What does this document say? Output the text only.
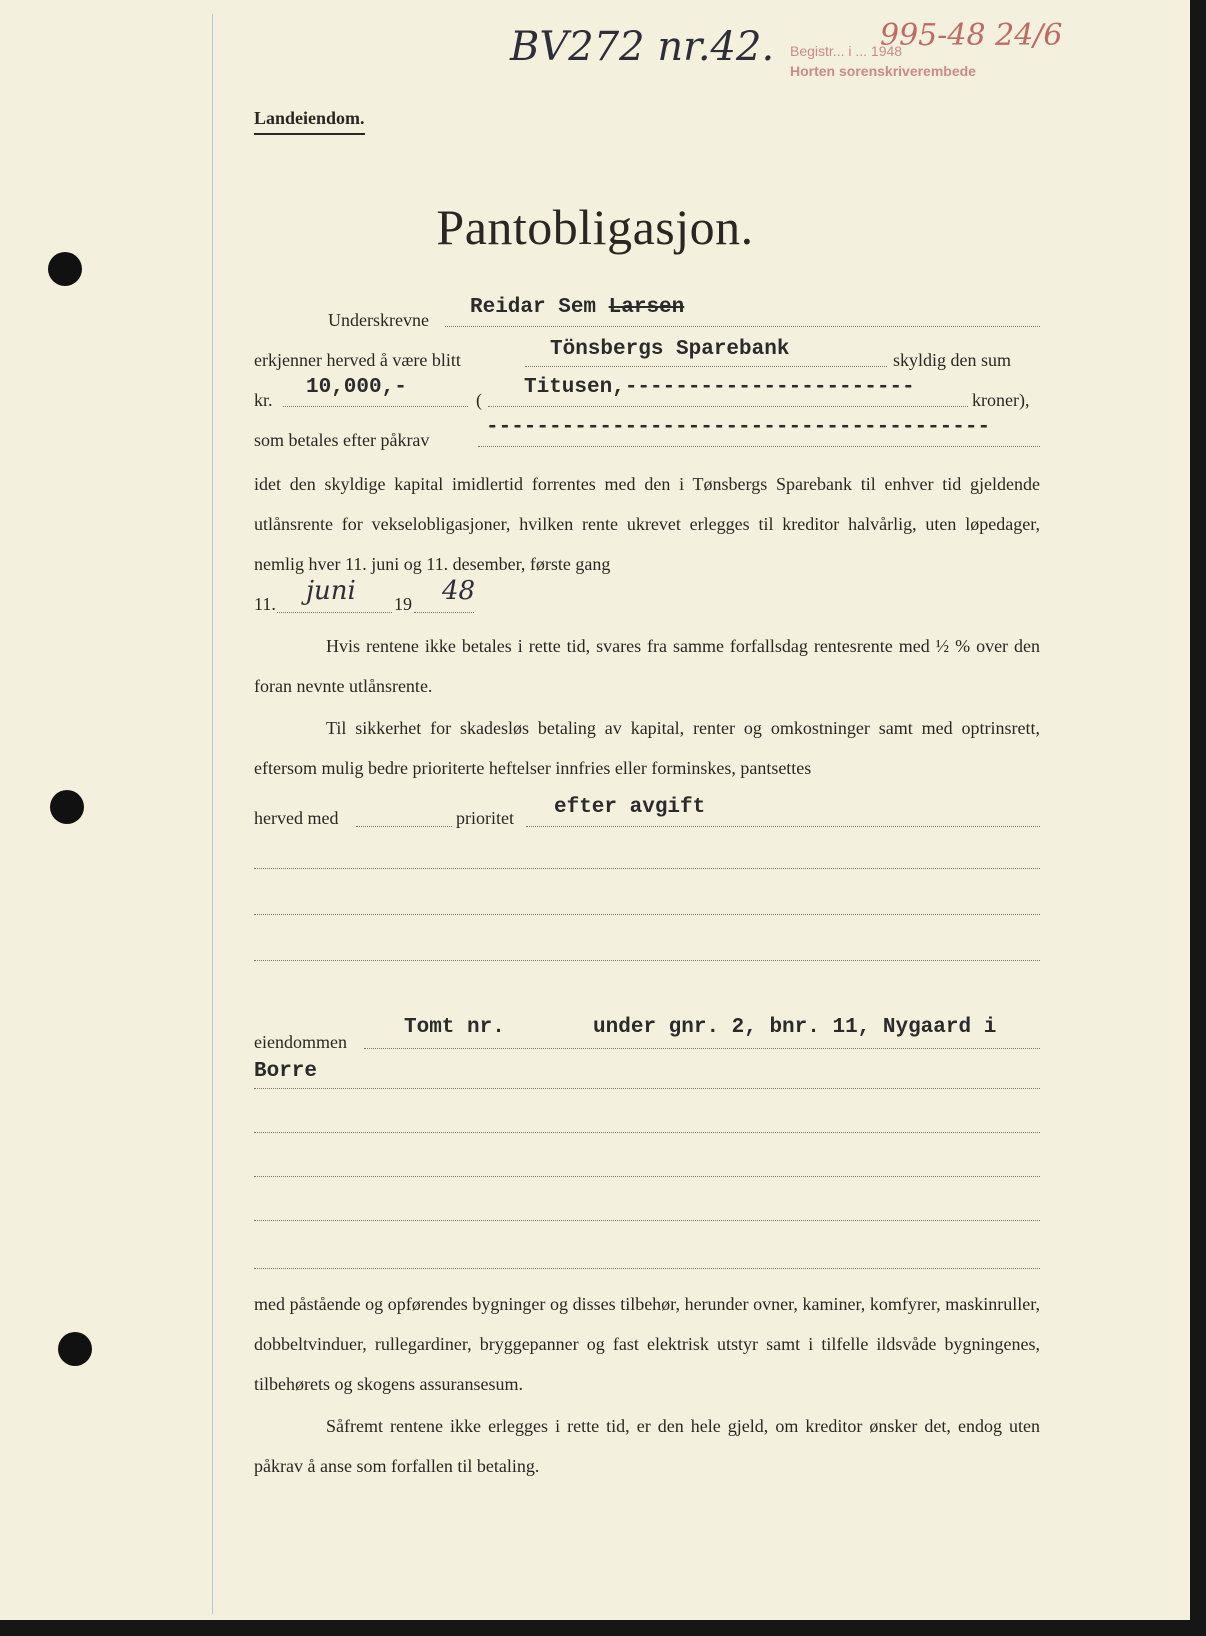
BⅤ272 nr.42. Begistr... i ... 1948
Horten sorenskriverembede
995-48 24/6
Landeiendom.
Pantobligasjon.
Underskrevne
Reidar Sem Larsen
erkjenner herved å være blitt	Tönsbergs Sparebank	skyldig den sum
kr.
10,000,-
(
Titusen,-----------------------
kroner),
som betales efter påkrav
----------------------------------------
idet den skyldige kapital imidlertid forrentes med den i Tønsbergs Sparebank til enhver tid gjeldende utlånsrente for vekselobligasjoner, hvilken rente ukrevet erlegges til kreditor halvårlig, uten løpedager, nemlig hver 11. juni og 11. desember, første gang
11. juni 19 48
Hvis rentene ikke betales i rette tid, svares fra samme forfallsdag rentesrente med ½ % over den foran nevnte utlånsrente.
Til sikkerhet for skadesløs betaling av kapital, renter og omkostninger samt med optrinsrett, eftersom mulig bedre prioriterte heftelser innfries eller forminskes, pantsettes
herved med	prioritet efter avgift
eiendommen
Tomt nr.       under gnr. 2, bnr. 11, Nygaard i
Borre
med påstående og opførendes bygninger og disses tilbehør, herunder ovner, kaminer, komfyrer, maskinruller, dobbeltvinduer, rullegardiner, bryggepanner og fast elektrisk utstyr samt i tilfelle ildsvåde bygningenes, tilbehørets og skogens assuransesum.
Såfremt rentene ikke erlegges i rette tid, er den hele gjeld, om kreditor ønsker det, endog uten påkrav å anse som forfallen til betaling.
